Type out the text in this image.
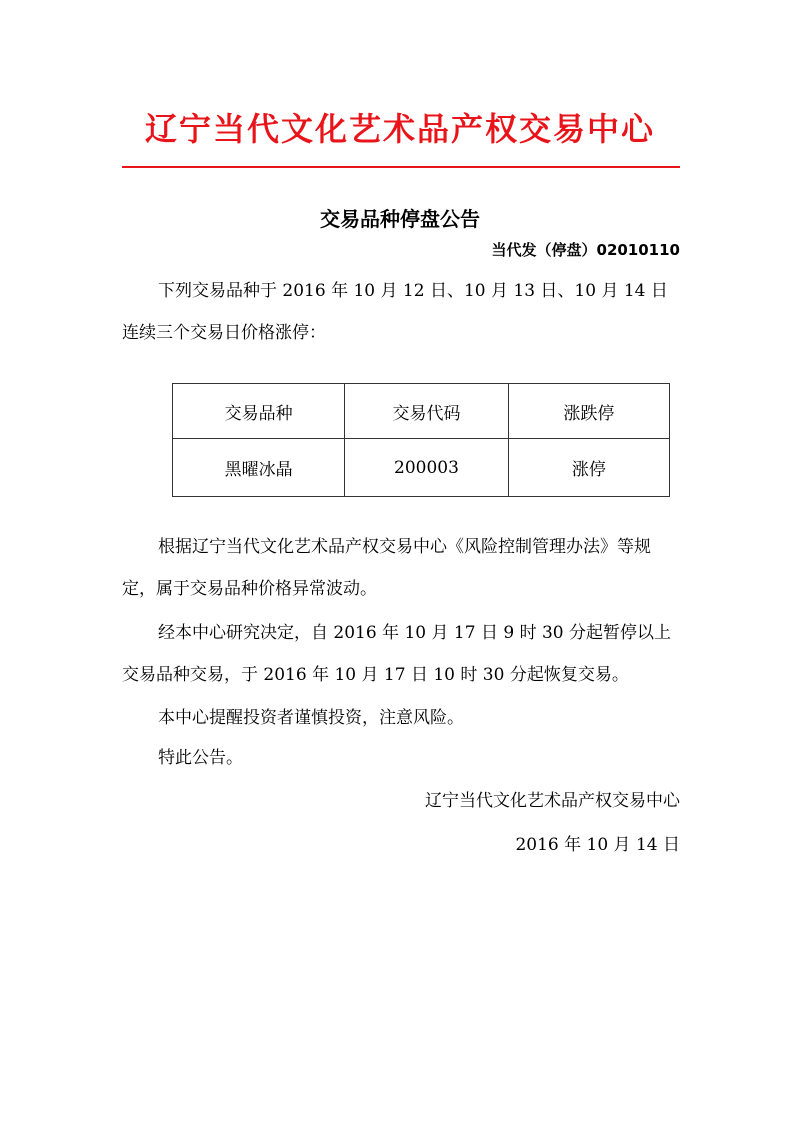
辽宁当代文化艺术品产权交易中心
交易品种停盘公告
当代发（停盘）02010110

下列交易品种于 2016 年 10 月 12 日、10 月 13 日、10 月 14 日连续三个交易日价格涨停：

交易品种	交易代码	涨跌停
黑曜冰晶	200003	涨停

根据辽宁当代文化艺术品产权交易中心《风险控制管理办法》等规定，属于交易品种价格异常波动。

经本中心研究决定，自 2016 年 10 月 17 日 9 时 30 分起暂停以上交易品种交易，于 2016 年 10 月 17 日 10 时 30 分起恢复交易。

本中心提醒投资者谨慎投资，注意风险。

特此公告。

辽宁当代文化艺术品产权交易中心
2016 年 10 月 14 日
